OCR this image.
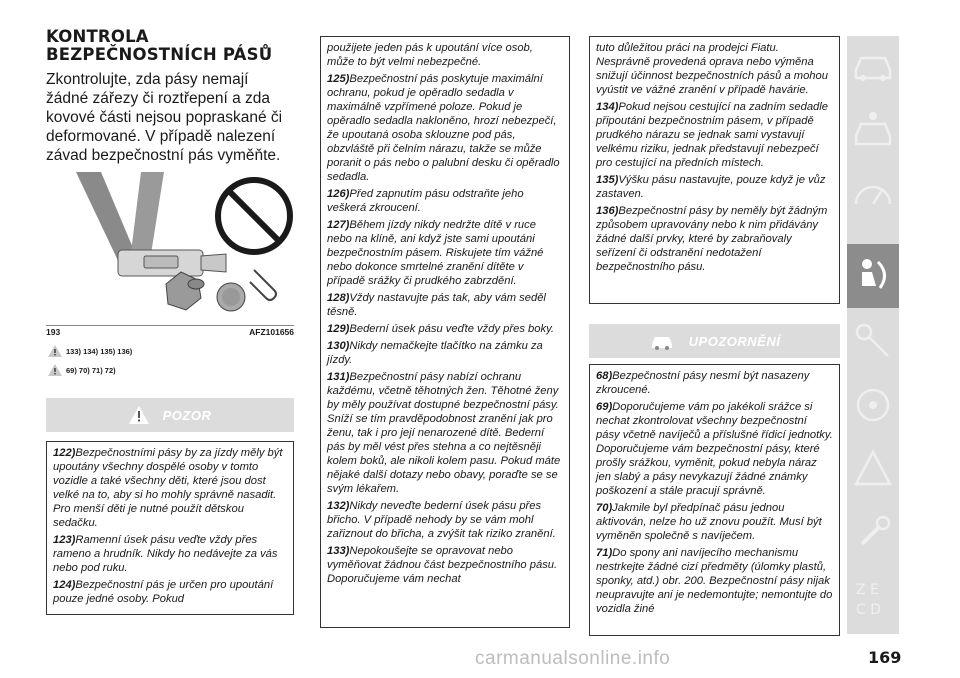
KONTROLA
BEZPEČNOSTNÍCH PÁSŮ
Zkontrolujte, zda pásy nemají žádné zářezy či roztřepení a zda kovové části nejsou popraskané či deformované. V případě nalezení závad bezpečnostní pás vyměňte.
193	AFZ101656
133) 134) 135) 136)
69) 70) 71) 72)
POZOR

122)Bezpečnostními pásy by za jízdy měly být upoutány všechny dospělé osoby v tomto vozidle a také všechny děti, které jsou dost velké na to, aby si ho mohly správně nasadit. Pro menší děti je nutné použít dětskou sedačku.

123)Ramenní úsek pásu veďte vždy přes rameno a hrudník. Nikdy ho nedávejte za vás nebo pod ruku.

124)Bezpečnostní pás je určen pro upoutání pouze jedné osoby. Pokud

použijete jeden pás k upoutání více osob, může to být velmi nebezpečné.

125)Bezpečnostní pás poskytuje maximální ochranu, pokud je opěradlo sedadla v maximálně vzpřímené poloze. Pokud je opěradlo sedadla nakloněno, hrozí nebezpečí, že upoutaná osoba sklouzne pod pás, obzvláště při čelním nárazu, takže se může poranit o pás nebo o palubní desku či opěradlo sedadla.

126)Před zapnutím pásu odstraňte jeho veškerá zkroucení.

127)Během jízdy nikdy nedržte dítě v ruce nebo na klíně, ani když jste sami upoutáni bezpečnostním pásem. Riskujete tím vážné nebo dokonce smrtelné zranění dítěte v případě srážky či prudkého zabrzdění.

128)Vždy nastavujte pás tak, aby vám seděl těsně.

129)Bederní úsek pásu veďte vždy přes boky.

130)Nikdy nemačkejte tlačítko na zámku za jízdy.

131)Bezpečnostní pásy nabízí ochranu každému, včetně těhotných žen. Těhotné ženy by měly používat dostupné bezpečnostní pásy. Sníží se tím pravděpodobnost zranění jak pro ženu, tak i pro její nenarozené dítě. Bederní pás by měl vést přes stehna a co nejtěsněji kolem boků, ale nikoli kolem pasu. Pokud máte nějaké další dotazy nebo obavy, poraďte se se svým lékařem.

132)Nikdy neveďte bederní úsek pásu přes břicho. V případě nehody by se vám mohl zařiznout do břicha, a zvýšit tak riziko zranění.

133)Nepokoušejte se opravovat nebo vyměňovat žádnou část bezpečnostního pásu. Doporučujeme vám nechat

tuto důležitou práci na prodejci Fiatu. Nesprávně provedená oprava nebo výměna snižují účinnost bezpečnostních pásů a mohou vyústit ve vážné zranění v případě havárie.

134)Pokud nejsou cestující na zadním sedadle připoutáni bezpečnostním pásem, v případě prudkého nárazu se jednak sami vystavují velkému riziku, jednak představují nebezpečí pro cestující na předních místech.

135)Výšku pásu nastavujte, pouze když je vůz zastaven.

136)Bezpečnostní pásy by neměly být žádným způsobem upravovány nebo k nim přidávány žádné další prvky, které by zabraňovaly seřízení či odstranění nedotažení bezpečnostního pásu.

UPOZORNĚNÍ

68)Bezpečnostní pásy nesmí být nasazeny zkroucené.

69)Doporučujeme vám po jakékoli srážce si nechat zkontrolovat všechny bezpečnostní pásy včetně navíječů a příslušné řídicí jednotky. Doporučujeme vám bezpečnostní pásy, které prošly srážkou, vyměnit, pokud nebyla náraz jen slabý a pásy nevykazují žádné známky poškození a stále pracují správně.

70)Jakmile byl předpínač pásu jednou aktivován, nelze ho už znovu použít. Musí být vyměněn společně s navíječem.

71)Do spony ani navíjecího mechanismu nestrkejte žádné cizí předměty (úlomky plastů, sponky, atd.) obr. 200. Bezpečnostní pásy nijak neupravujte ani je nedemontujte; nemontujte do vozidla žiné

Z E
C D
169
carmanualsonline.info
